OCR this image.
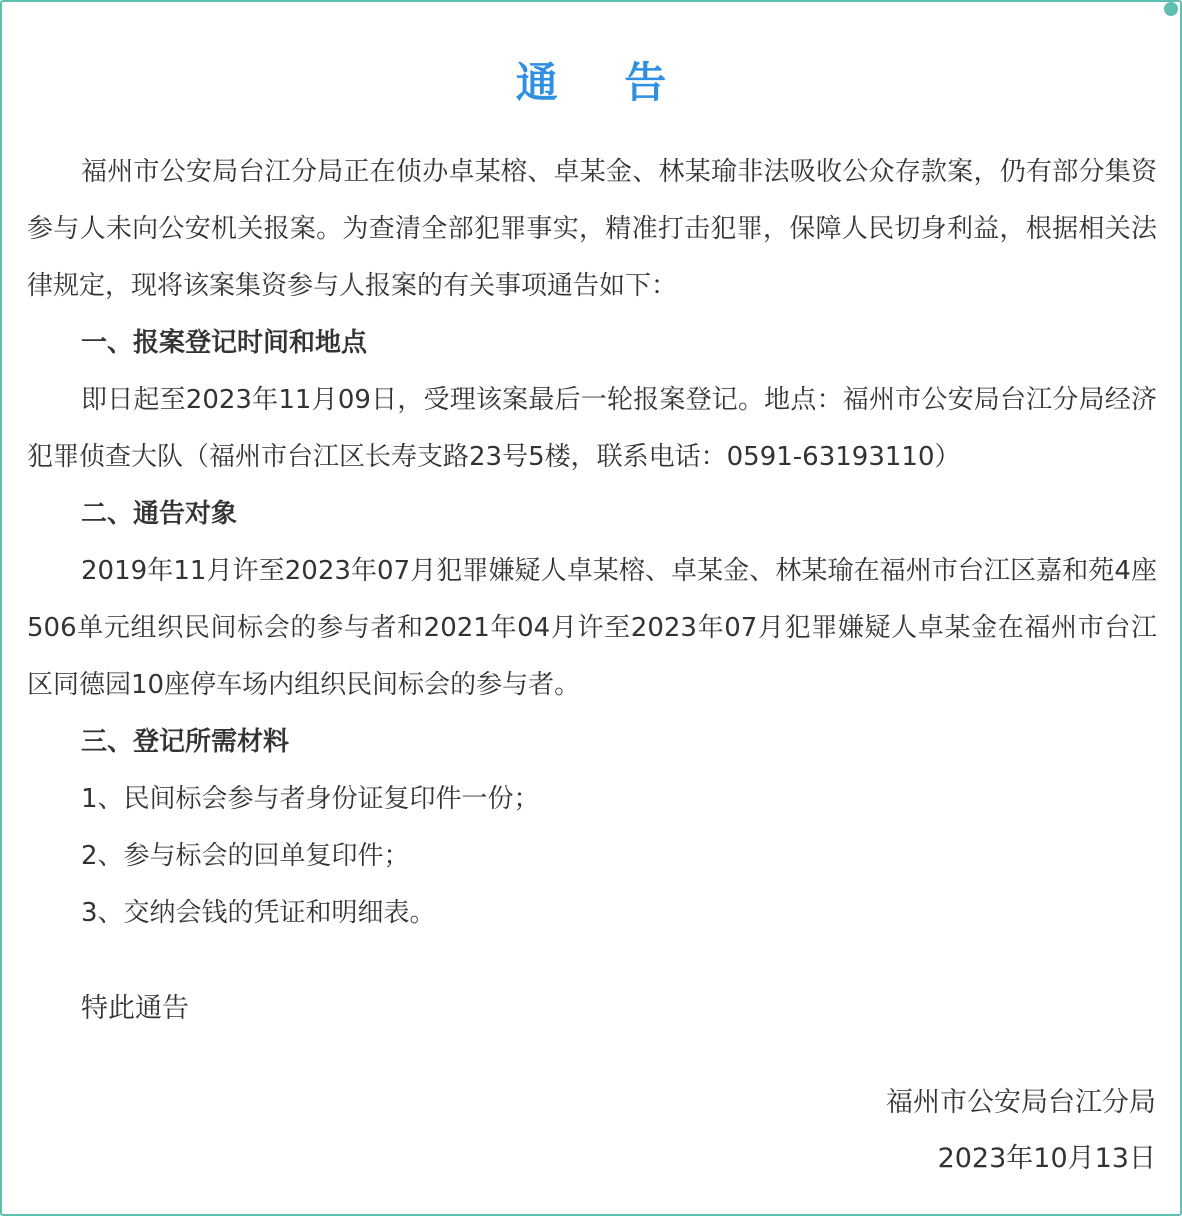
通 告

福州市公安局台江分局正在侦办卓某榕、卓某金、林某瑜非法吸收公众存款案，仍有部分集资参与人未向公安机关报案。为查清全部犯罪事实，精准打击犯罪，保障人民切身利益，根据相关法律规定，现将该案集资参与人报案的有关事项通告如下：

一、报案登记时间和地点

即日起至2023年11月09日，受理该案最后一轮报案登记。地点：福州市公安局台江分局经济犯罪侦查大队（福州市台江区长寿支路23号5楼，联系电话：0591-63193110）

二、通告对象

2019年11月许至2023年07月犯罪嫌疑人卓某榕、卓某金、林某瑜在福州市台江区嘉和苑4座506单元组织民间标会的参与者和2021年04月许至2023年07月犯罪嫌疑人卓某金在福州市台江区同德园10座停车场内组织民间标会的参与者。

三、登记所需材料

1、民间标会参与者身份证复印件一份；

2、参与标会的回单复印件；

3、交纳会钱的凭证和明细表。

特此通告
福州市公安局台江分局
2023年10月13日
